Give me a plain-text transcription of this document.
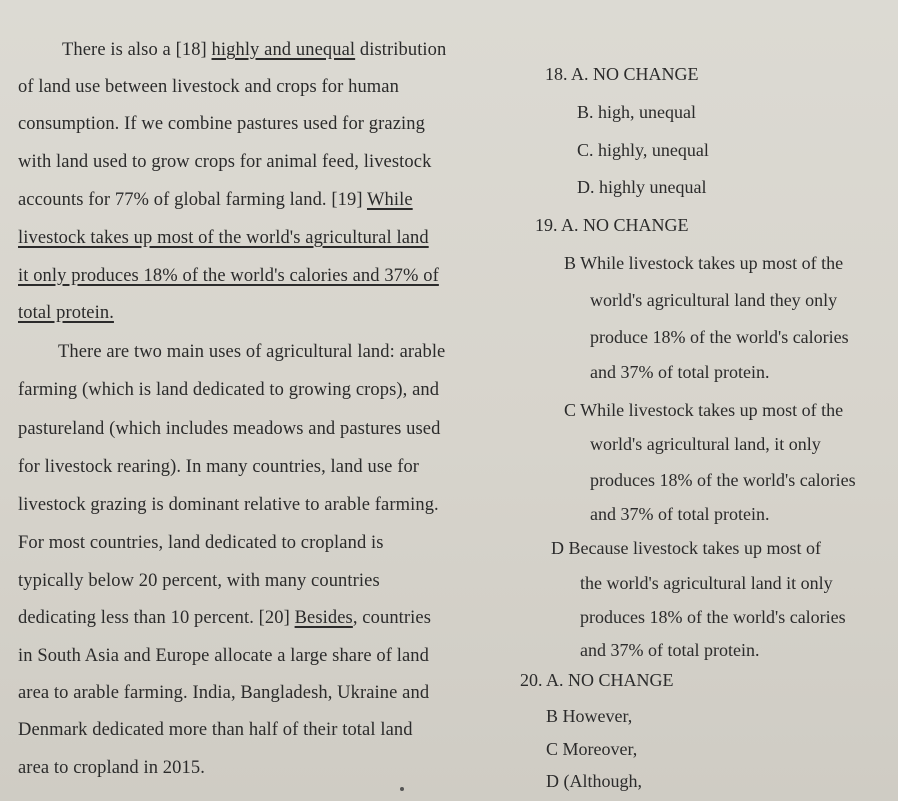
There is also a [18] highly and unequal distribution
of land use between livestock and crops for human
consumption. If we combine pastures used for grazing
with land used to grow crops for animal feed, livestock
accounts for 77% of global farming land. [19] While
livestock takes up most of the world's agricultural land
it only produces 18% of the world's calories and 37% of
total protein.
There are two main uses of agricultural land: arable
farming (which is land dedicated to growing crops), and
pastureland (which includes meadows and pastures used
for livestock rearing). In many countries, land use for
livestock grazing is dominant relative to arable farming.
For most countries, land dedicated to cropland is
typically below 20 percent, with many countries
dedicating less than 10 percent. [20] Besides, countries
in South Asia and Europe allocate a large share of land
area to arable farming. India, Bangladesh, Ukraine and
Denmark dedicated more than half of their total land
area to cropland in 2015.
18. A. NO CHANGE
B. high, unequal
C. highly, unequal
D. highly unequal
19. A. NO CHANGE
B While livestock takes up most of the
world's agricultural land they only
produce 18% of the world's calories
and 37% of total protein.
C While livestock takes up most of the
world's agricultural land, it only
produces 18% of the world's calories
and 37% of total protein.
D Because livestock takes up most of
the world's agricultural land it only
produces 18% of the world's calories
and 37% of total protein.
20. A. NO CHANGE
B However,
C Moreover,
D (Although,
